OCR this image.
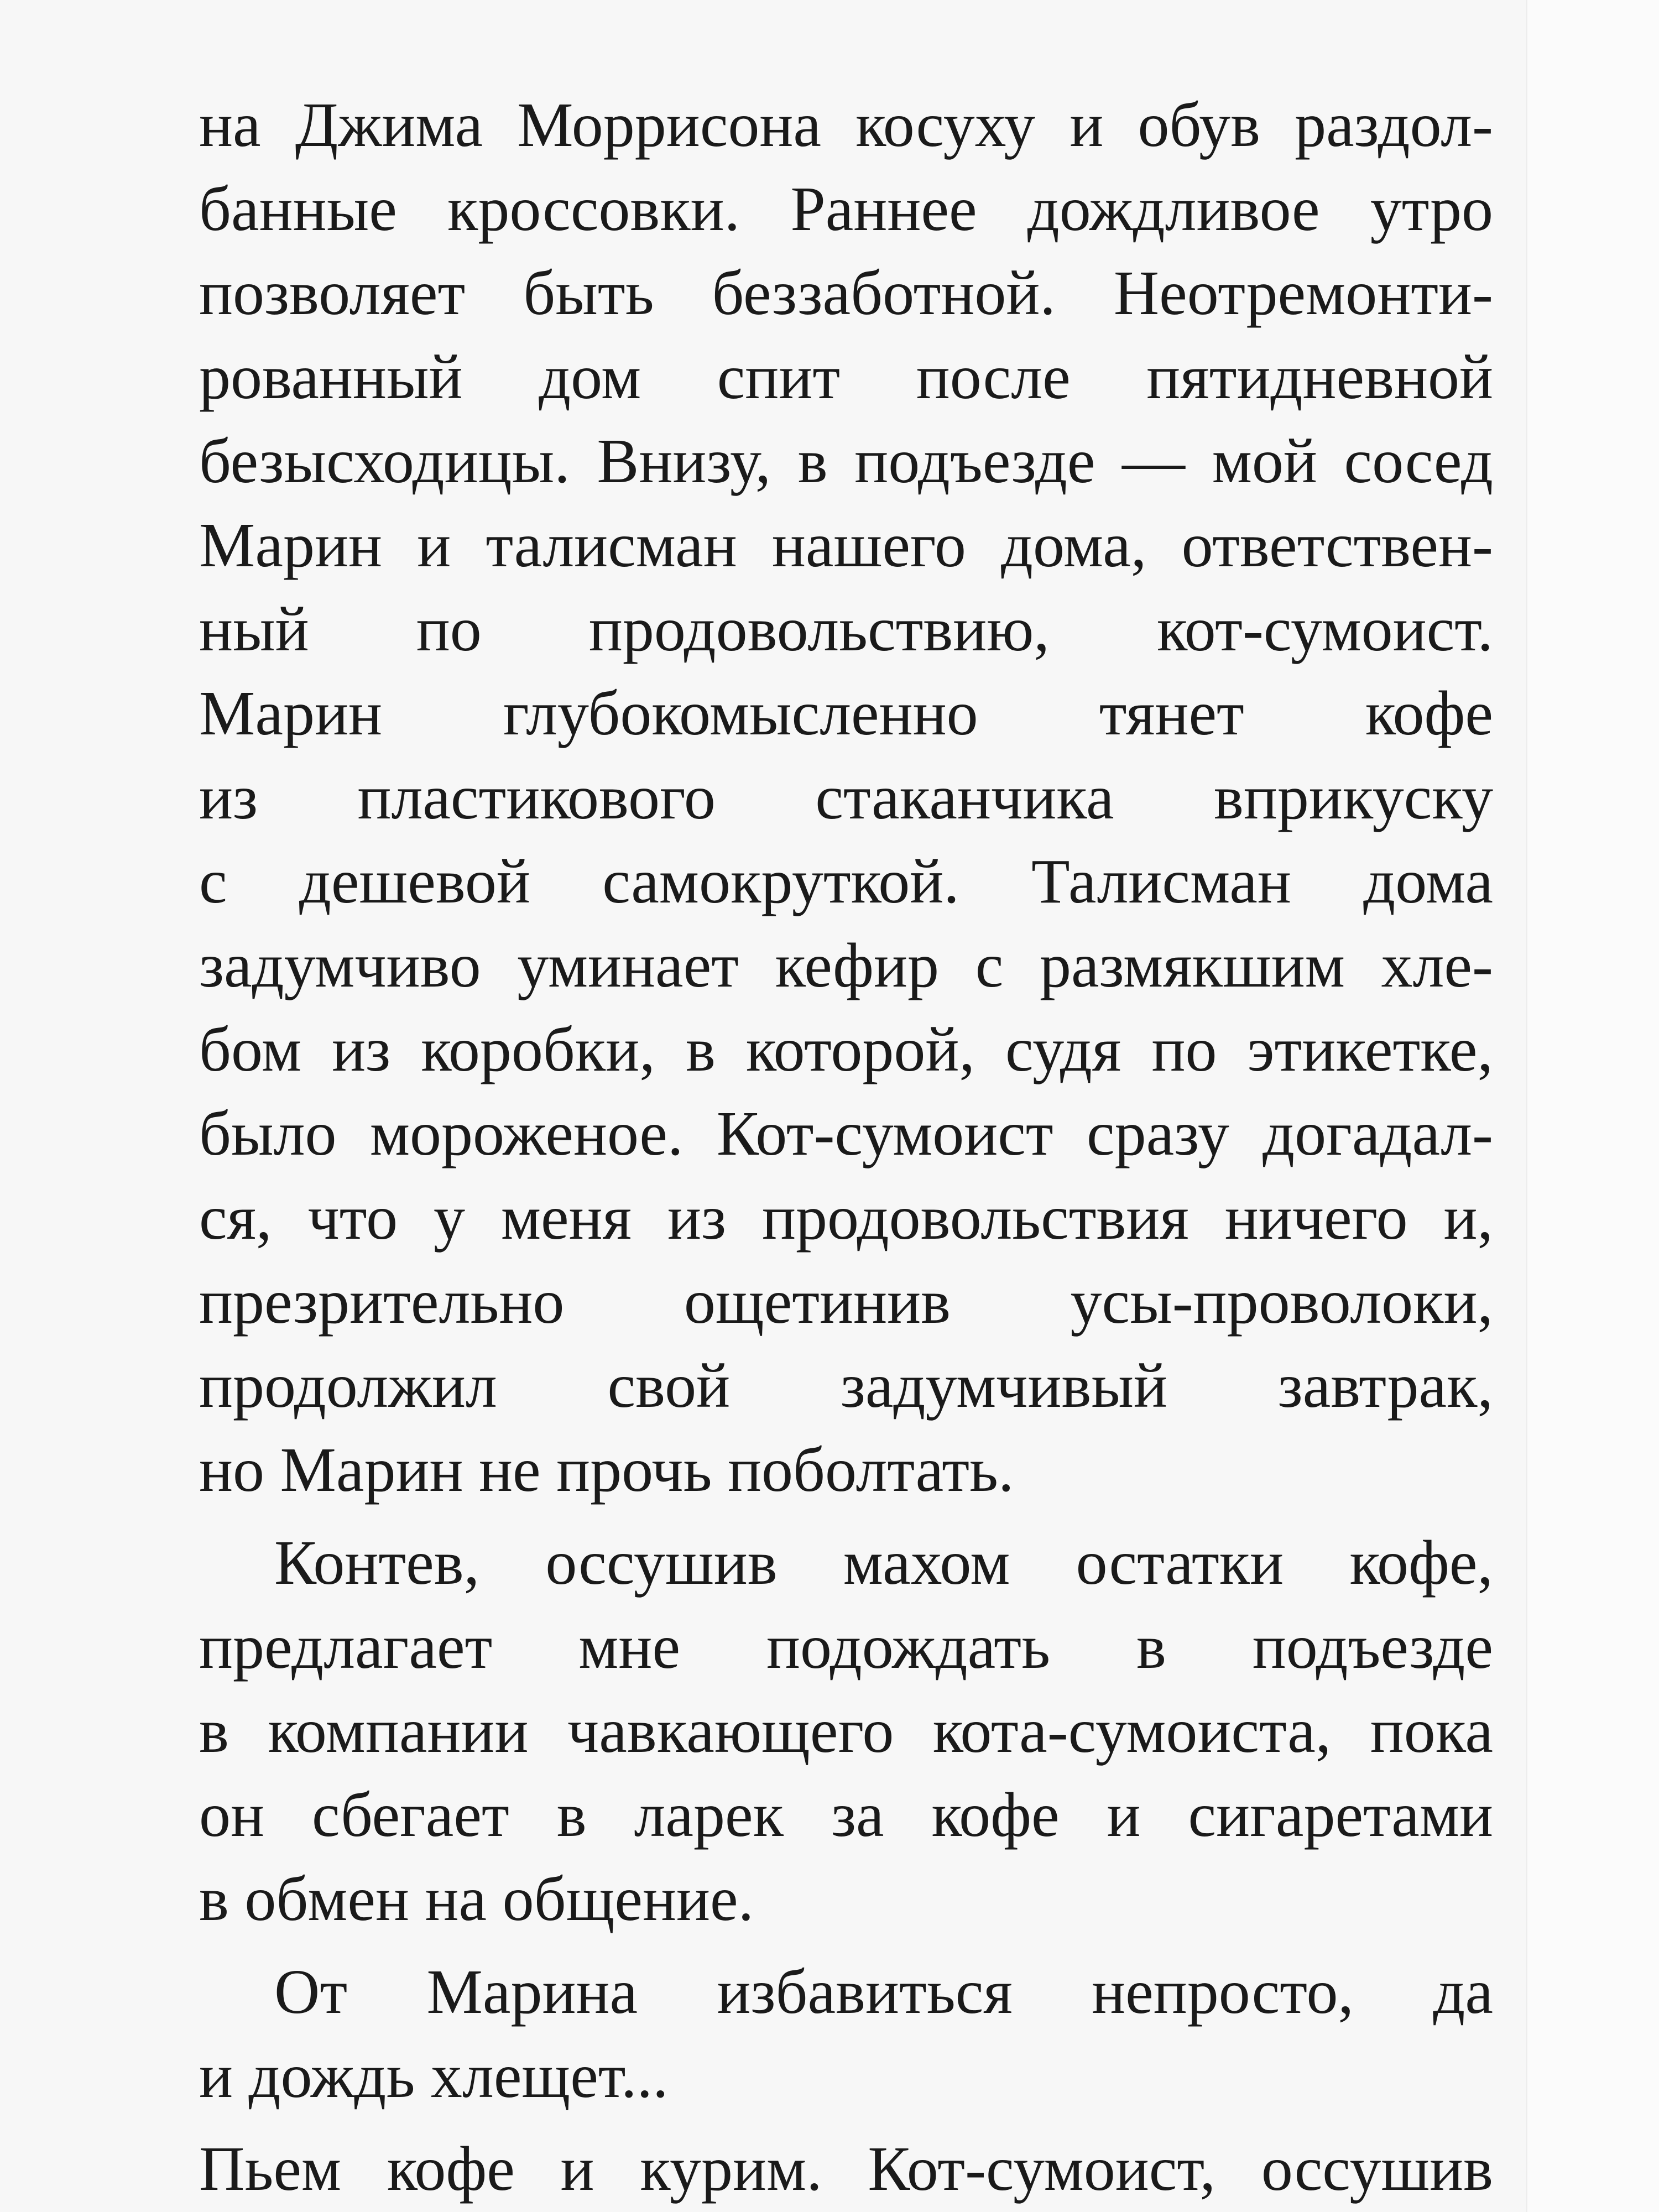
на Джима Моррисона косуху и обув раздол-
банные кроссовки. Раннее дождливое утро
позволяет быть беззаботной. Неотремонти-
рованный дом спит после пятидневной
безысходицы. Внизу, в подъезде — мой сосед
Марин и талисман нашего дома, ответствен-
ный по продовольствию, кот-сумоист.
Марин глубокомысленно тянет кофе
из пластикового стаканчика вприкуску
с дешевой самокруткой. Талисман дома
задумчиво уминает кефир с размякшим хле-
бом из коробки, в которой, судя по этикетке,
было мороженое. Кот-сумоист сразу догадал-
ся, что у меня из продовольствия ничего и,
презрительно ощетинив усы-проволоки,
продолжил свой задумчивый завтрак,
но Марин не прочь поболтать.
Контев, оссушив махом остатки кофе,
предлагает мне подождать в подъезде
в компании чавкающего кота-сумоиста, пока
он сбегает в ларек за кофе и сигаретами
в обмен на общение.
От Марина избавиться непросто, да
и дождь хлещет...
Пьем кофе и курим. Кот-сумоист, оссушив
